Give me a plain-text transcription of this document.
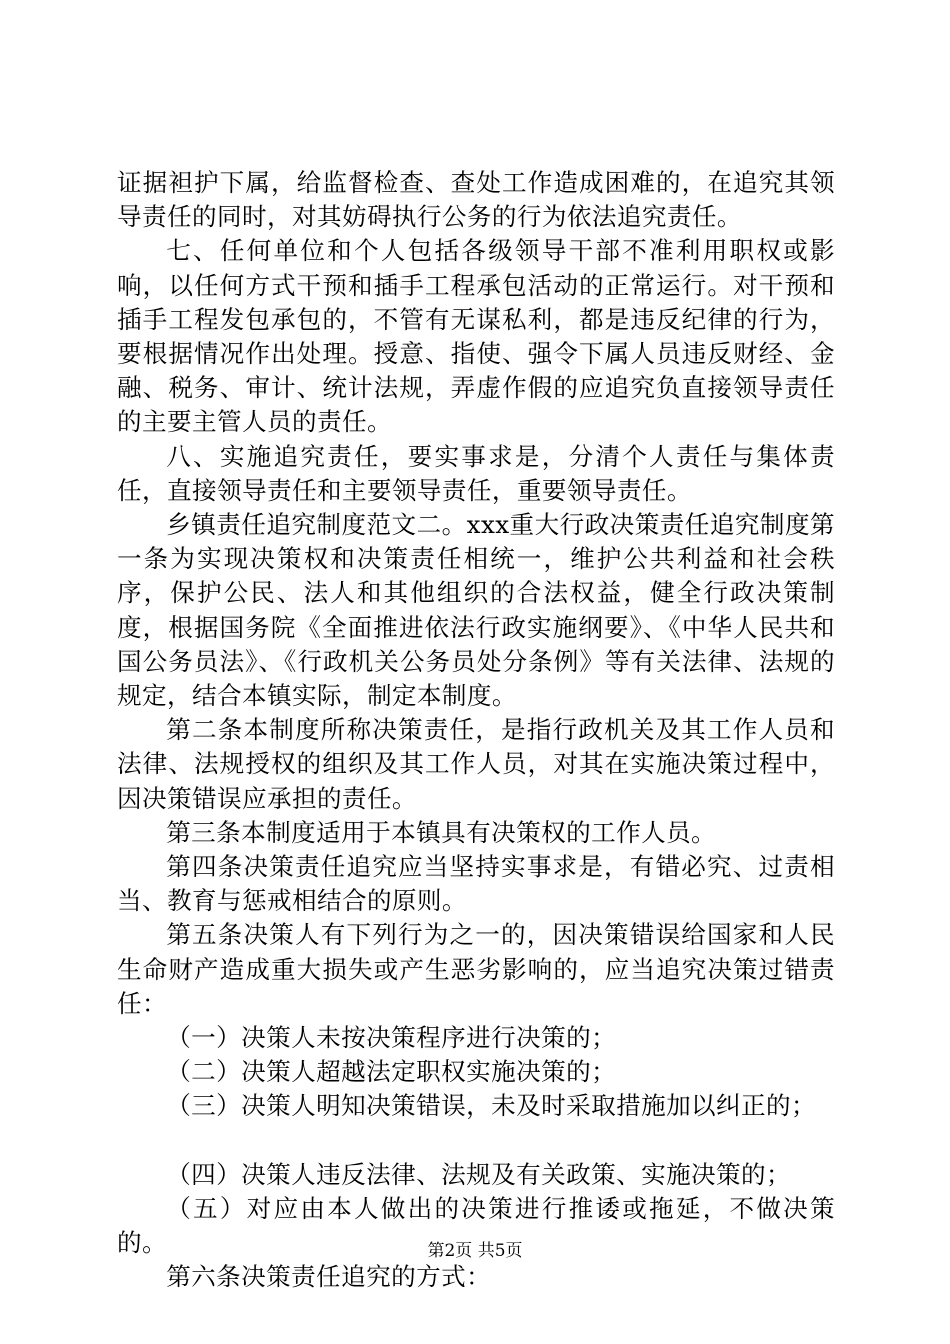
证据袒护下属，给监督检查、查处工作造成困难的，在追究其领导责任的同时，对其妨碍执行公务的行为依法追究责任。

七、任何单位和个人包括各级领导干部不准利用职权或影响，以任何方式干预和插手工程承包活动的正常运行。对干预和插手工程发包承包的，不管有无谋私利，都是违反纪律的行为，要根据情况作出处理。授意、指使、强令下属人员违反财经、金融、税务、审计、统计法规，弄虚作假的应追究负直接领导责任的主要主管人员的责任。

八、实施追究责任，要实事求是，分清个人责任与集体责任，直接领导责任和主要领导责任，重要领导责任。

乡镇责任追究制度范文二。xxx重大行政决策责任追究制度第一条为实现决策权和决策责任相统一，维护公共利益和社会秩序，保护公民、法人和其他组织的合法权益，健全行政决策制度，根据国务院《全面推进依法行政实施纲要》、《中华人民共和国公务员法》、《行政机关公务员处分条例》等有关法律、法规的规定，结合本镇实际，制定本制度。

第二条本制度所称决策责任，是指行政机关及其工作人员和法律、法规授权的组织及其工作人员，对其在实施决策过程中，因决策错误应承担的责任。

第三条本制度适用于本镇具有决策权的工作人员。

第四条决策责任追究应当坚持实事求是，有错必究、过责相当、教育与惩戒相结合的原则。

第五条决策人有下列行为之一的，因决策错误给国家和人民生命财产造成重大损失或产生恶劣影响的，应当追究决策过错责任：

（一）决策人未按决策程序进行决策的；

（二）决策人超越法定职权实施决策的；

（三）决策人明知决策错误，未及时采取措施加以纠正的；

（四）决策人违反法律、法规及有关政策、实施决策的；

（五）对应由本人做出的决策进行推诿或拖延，不做决策的。

第六条决策责任追究的方式：

第2页 共5页
